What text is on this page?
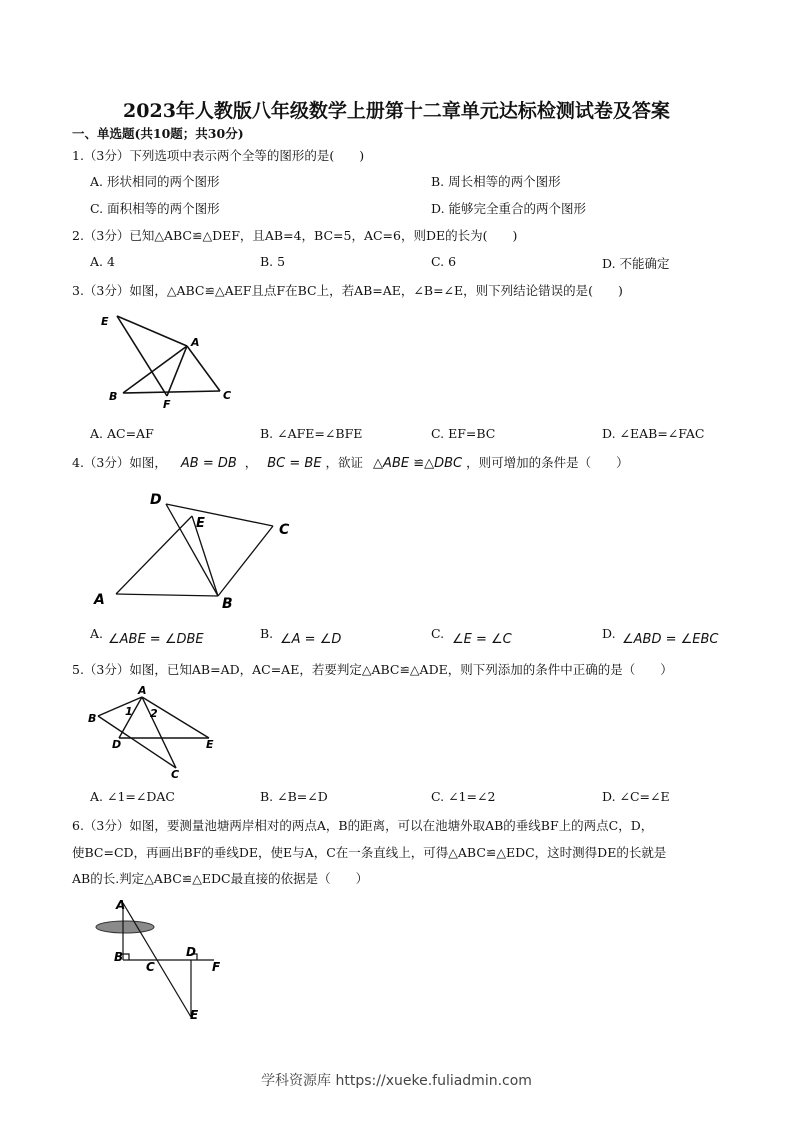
2023年人教版八年级数学上册第十二章单元达标检测试卷及答案
一、单选题(共10题；共30分)
1.（3分）下列选项中表示两个全等的图形的是(　　)
A. 形状相同的两个图形	B. 周长相等的两个图形
C. 面积相等的两个图形	D. 能够完全重合的两个图形
2.（3分）已知△ABC≌△DEF，且AB=4，BC=5，AC=6，则DE的长为(　　)
A. 4	B. 5	C. 6	D. 不能确定
3.（3分）如图，△ABC≌△AEF且点F在BC上，若AB=AE，∠B=∠E，则下列结论错误的是(　　)
E
A
B
F
C
A. AC=AF	B. ∠AFE=∠BFE	C. EF=BC	D. ∠EAB=∠FAC
4.（3分）如图， AB = DB ， BC = BE ，欲证 △ABE ≌△DBC ，则可增加的条件是（　　）
D
E	C
A	B
A. ∠ABE = ∠DBE	B. ∠A = ∠D	C. ∠E = ∠C	D. ∠ABD = ∠EBC
5.（3分）如图，已知AB=AD，AC=AE，若要判定△ABC≌△ADE，则下列添加的条件中正确的是（　　）
A
B
1 2
D	E
C
A. ∠1=∠DAC	B. ∠B=∠D	C. ∠1=∠2	D. ∠C=∠E
6.（3分）如图，要测量池塘两岸相对的两点A，B的距离，可以在池塘外取AB的垂线BF上的两点C，D，
使BC=CD，再画出BF的垂线DE，使E与A，C在一条直线上，可得△ABC≌△EDC，这时测得DE的长就是
AB的长.判定△ABC≌△EDC最直接的依据是（　　）
A
B
C
D
F
E
学科资源库 https://xueke.fuliadmin.com
